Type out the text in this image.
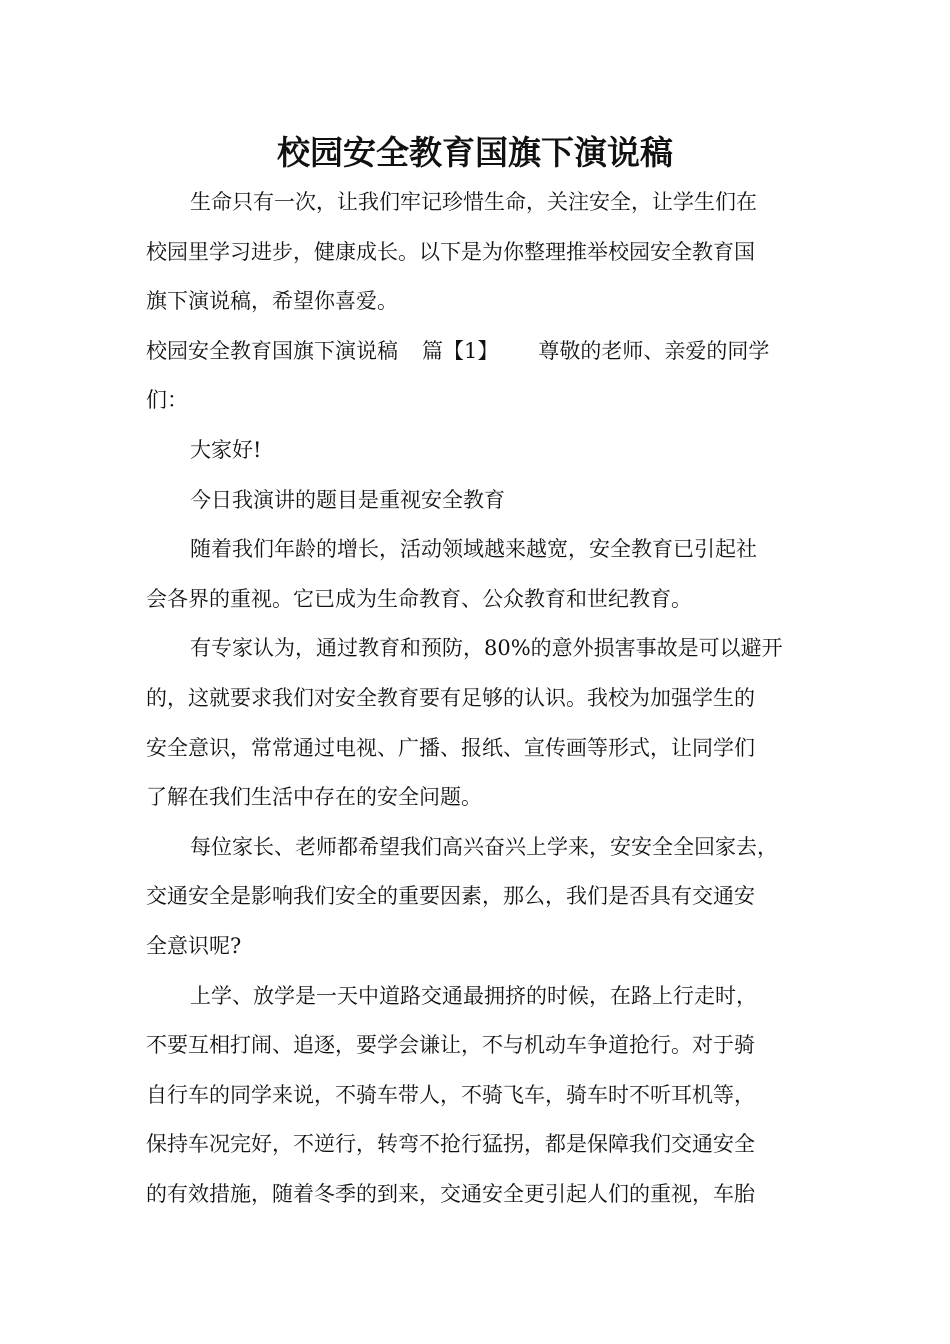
校园安全教育国旗下演说稿

生命只有一次，让我们牢记珍惜生命，关注安全，让学生们在
校园里学习进步，健康成长。以下是为你整理推举校园安全教育国
旗下演说稿，希望你喜爱。

校园安全教育国旗下演说稿 篇【1】 尊敬的老师、亲爱的同学
们：

大家好!

今日我演讲的题目是重视安全教育

随着我们年龄的增长，活动领域越来越宽，安全教育已引起社
会各界的重视。它已成为生命教育、公众教育和世纪教育。

有专家认为，通过教育和预防，80%的意外损害事故是可以避开
的，这就要求我们对安全教育要有足够的认识。我校为加强学生的
安全意识，常常通过电视、广播、报纸、宣传画等形式，让同学们
了解在我们生活中存在的安全问题。

每位家长、老师都希望我们高兴奋兴上学来，安安全全回家去，
交通安全是影响我们安全的重要因素，那么，我们是否具有交通安
全意识呢?

上学、放学是一天中道路交通最拥挤的时候，在路上行走时，
不要互相打闹、追逐，要学会谦让，不与机动车争道抢行。对于骑
自行车的同学来说，不骑车带人，不骑飞车，骑车时不听耳机等，
保持车况完好，不逆行，转弯不抢行猛拐，都是保障我们交通安全
的有效措施，随着冬季的到来，交通安全更引起人们的重视，车胎
